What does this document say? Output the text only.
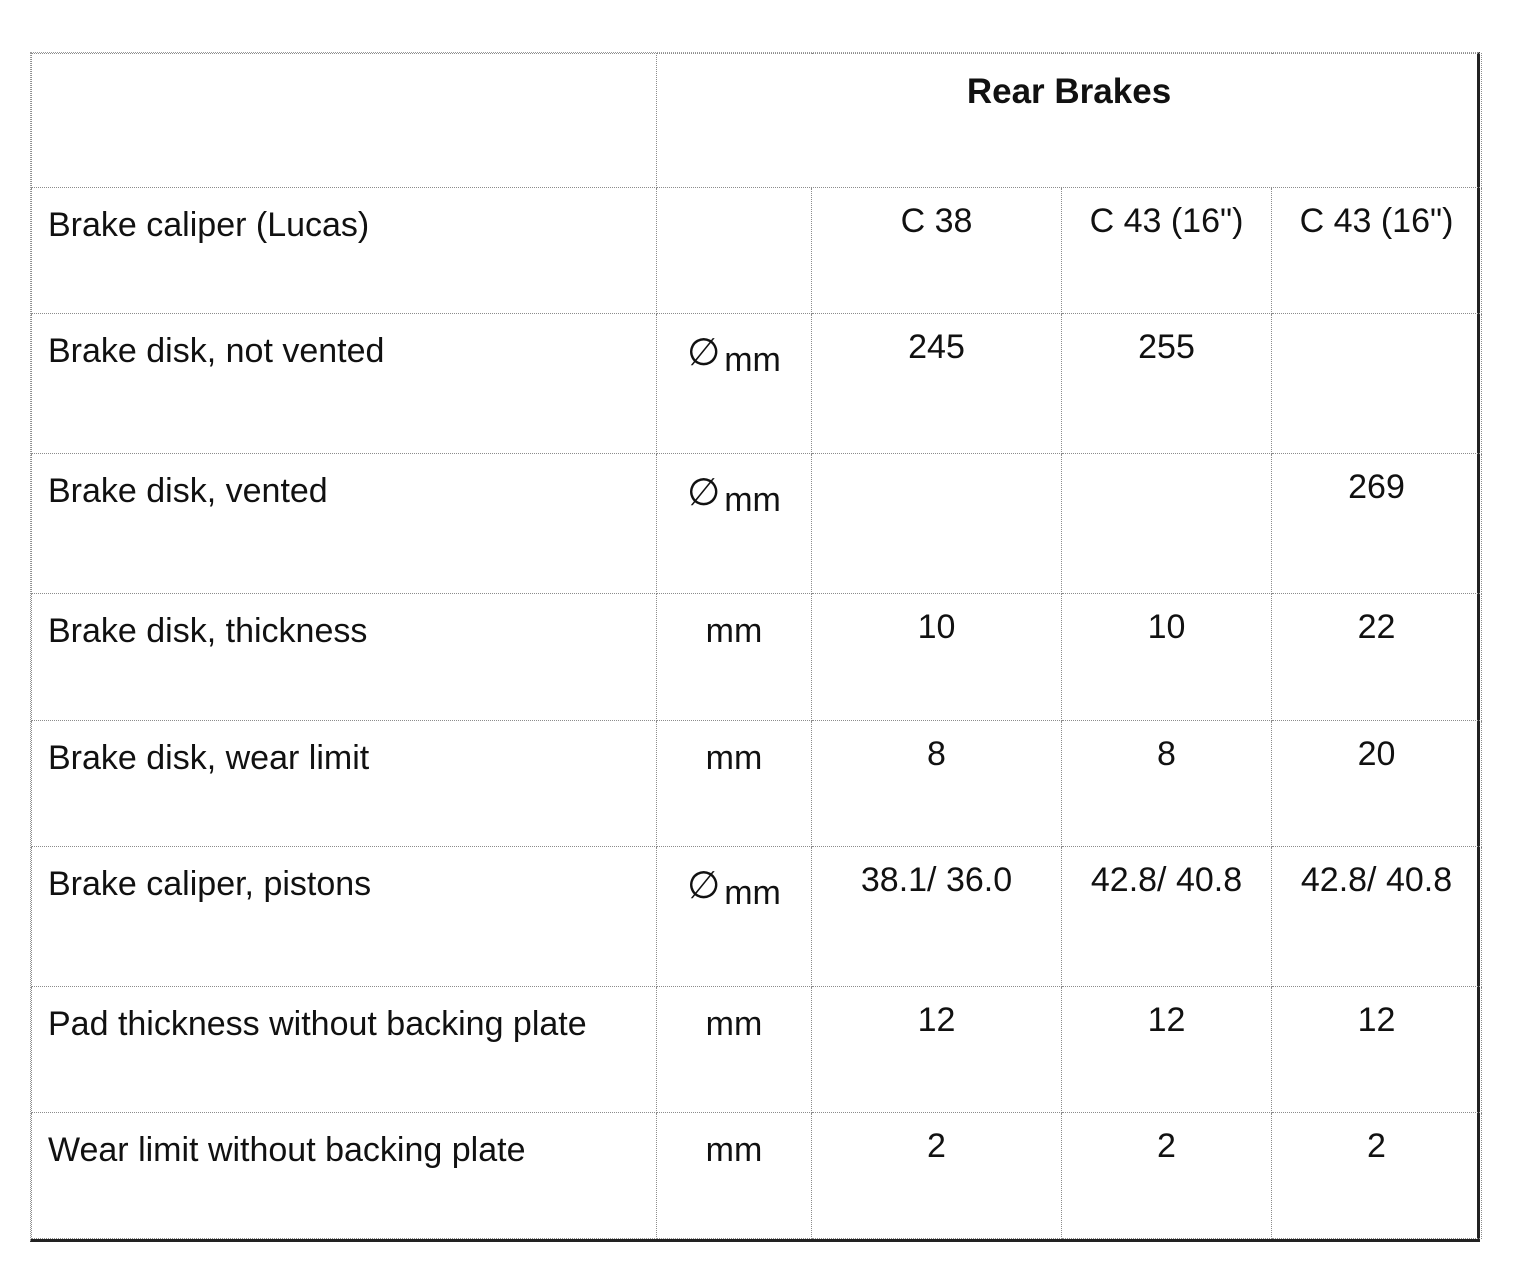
	Rear Brakes			
Brake caliper (Lucas)		C 38	C 43 (16")	C 43 (16")
Brake disk, not vented	∅ mm	245	255	
Brake disk, vented	∅ mm			269
Brake disk, thickness	mm	10	10	22
Brake disk, wear limit	mm	8	8	20
Brake caliper, pistons	∅ mm	38.1/ 36.0	42.8/ 40.8	42.8/ 40.8
Pad thickness without backing plate	mm	12	12	12
Wear limit without backing plate	mm	2	2	2
